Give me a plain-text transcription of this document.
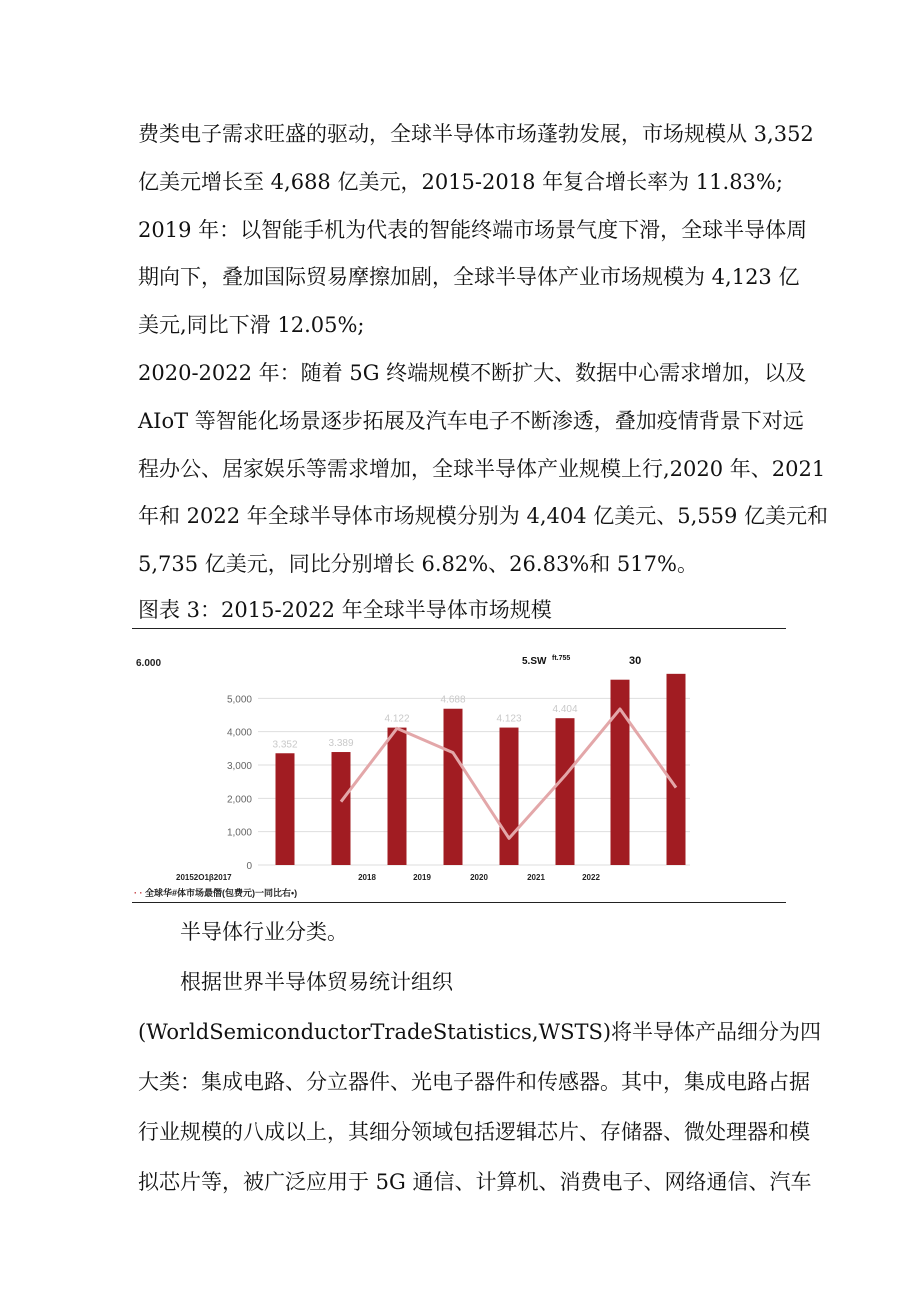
费类电子需求旺盛的驱动，全球半导体市场蓬勃发展，市场规模从 3,352
亿美元增长至 4,688 亿美元，2015-2018 年复合增长率为 11.83%;
2019 年：以智能手机为代表的智能终端市场景气度下滑，全球半导体周
期向下，叠加国际贸易摩擦加剧，全球半导体产业市场规模为 4,123 亿
美元,同比下滑 12.05%;
2020-2022 年：随着 5G 终端规模不断扩大、数据中心需求增加，以及
AIoT 等智能化场景逐步拓展及汽车电子不断渗透，叠加疫情背景下对远
程办公、居家娱乐等需求增加，全球半导体产业规模上行,2020 年、2021
年和 2022 年全球半导体市场规模分别为 4,404 亿美元、5,559 亿美元和
5,735 亿美元，同比分别增长 6.82%、26.83%和 517%。
图表 3：2015-2022 年全球半导体市场规模
6.000
5,000
4,000
3,000
2,000
1,000
0
3.352	3.389
4.122
4.688
4.123
4.404
5.SW ft.755	30
20152O1β2017	2018	2019	2020	2021	2022
· · 全球华#体市场最僭(包费元)一同比右•)
半导体行业分类。
根据世界半导体贸易统计组织
(WorldSemiconductorTradeStatistics,WSTS)将半导体产品细分为四
大类：集成电路、分立器件、光电子器件和传感器。其中，集成电路占据
行业规模的八成以上，其细分领域包括逻辑芯片、存储器、微处理器和模
拟芯片等，被广泛应用于 5G 通信、计算机、消费电子、网络通信、汽车
